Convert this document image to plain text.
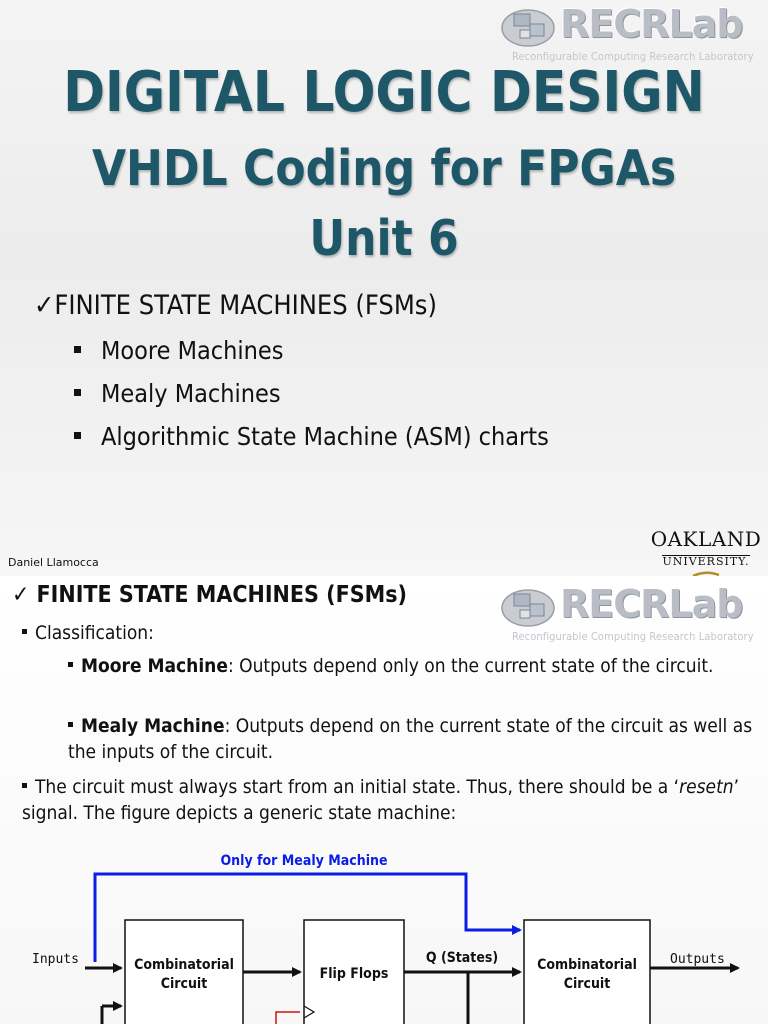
RECRLab
Reconfigurable Computing Research Laboratory
DIGITAL LOGIC DESIGN
VHDL Coding for FPGAs
Unit 6
✓FINITE STATE MACHINES (FSMs)
Moore Machines
Mealy Machines
Algorithmic State Machine (ASM) charts
Daniel Llamocca
OAKLAND
UNIVERSITY.
✓ FINITE STATE MACHINES (FSMs)	RECRLab
Reconfigurable Computing Research Laboratory
Classification:
Moore Machine: Outputs depend only on the current state of the circuit.
Mealy Machine: Outputs depend on the current state of the circuit as well as the inputs of the circuit.
The circuit must always start from an initial state. Thus, there should be a ‘resetn’ signal. The figure depicts a generic state machine:
Only for Mealy Machine
Combinatorial
Circuit
Flip Flops
Combinatorial
Circuit
Inputs	Q (States)	Outputs
